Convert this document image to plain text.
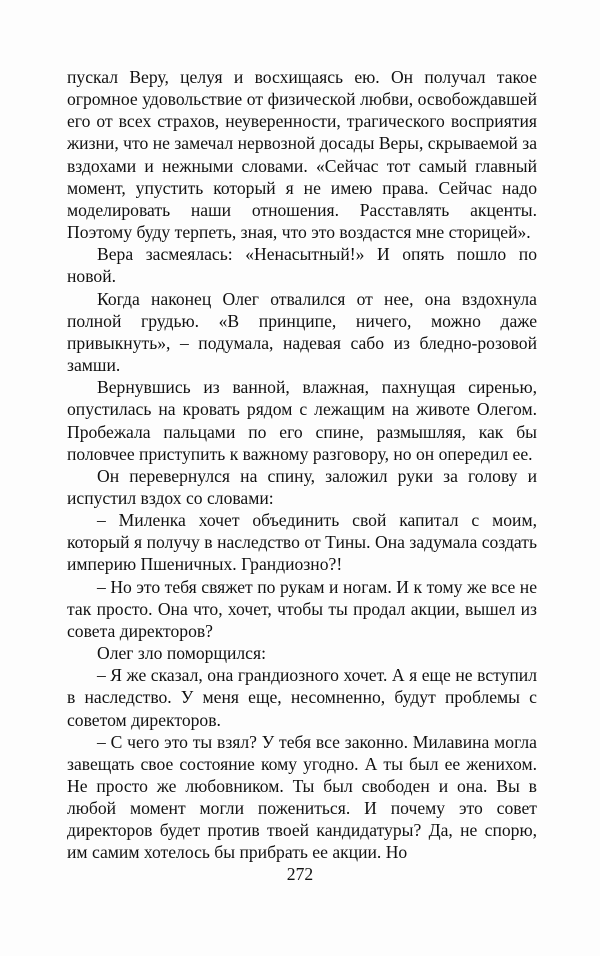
пускал Веру, целуя и восхищаясь ею. Он получал такое огромное удовольствие от физической любви, освобождавшей его от всех страхов, неуверенности, трагического восприятия жизни, что не замечал нервозной досады Веры, скрываемой за вздохами и нежными словами. «Сейчас тот самый главный момент, упустить который я не имею права. Сейчас надо моделировать наши отношения. Расставлять акценты. Поэтому буду терпеть, зная, что это воздастся мне сторицей».

Вера засмеялась: «Ненасытный!» И опять пошло по новой.

Когда наконец Олег отвалился от нее, она вздохнула полной грудью. «В принципе, ничего, можно даже привыкнуть», – подумала, надевая сабо из бледно-розовой замши.

Вернувшись из ванной, влажная, пахнущая сиренью, опустилась на кровать рядом с лежащим на животе Олегом. Пробежала пальцами по его спине, размышляя, как бы половчее приступить к важному разговору, но он опередил ее.

Он перевернулся на спину, заложил руки за голову и испустил вздох со словами:

– Миленка хочет объединить свой капитал с моим, который я получу в наследство от Тины. Она задумала создать империю Пшеничных. Грандиозно?!

– Но это тебя свяжет по рукам и ногам. И к тому же все не так просто. Она что, хочет, чтобы ты продал акции, вышел из совета директоров?

Олег зло поморщился:

– Я же сказал, она грандиозного хочет. А я еще не вступил в наследство. У меня еще, несомненно, будут проблемы с советом директоров.

– С чего это ты взял? У тебя все законно. Милавина могла завещать свое состояние кому угодно. А ты был ее женихом. Не просто же любовником. Ты был свободен и она. Вы в любой момент могли пожениться. И почему это совет директоров будет против твоей кандидатуры? Да, не спорю, им самим хотелось бы прибрать ее акции. Но

272
